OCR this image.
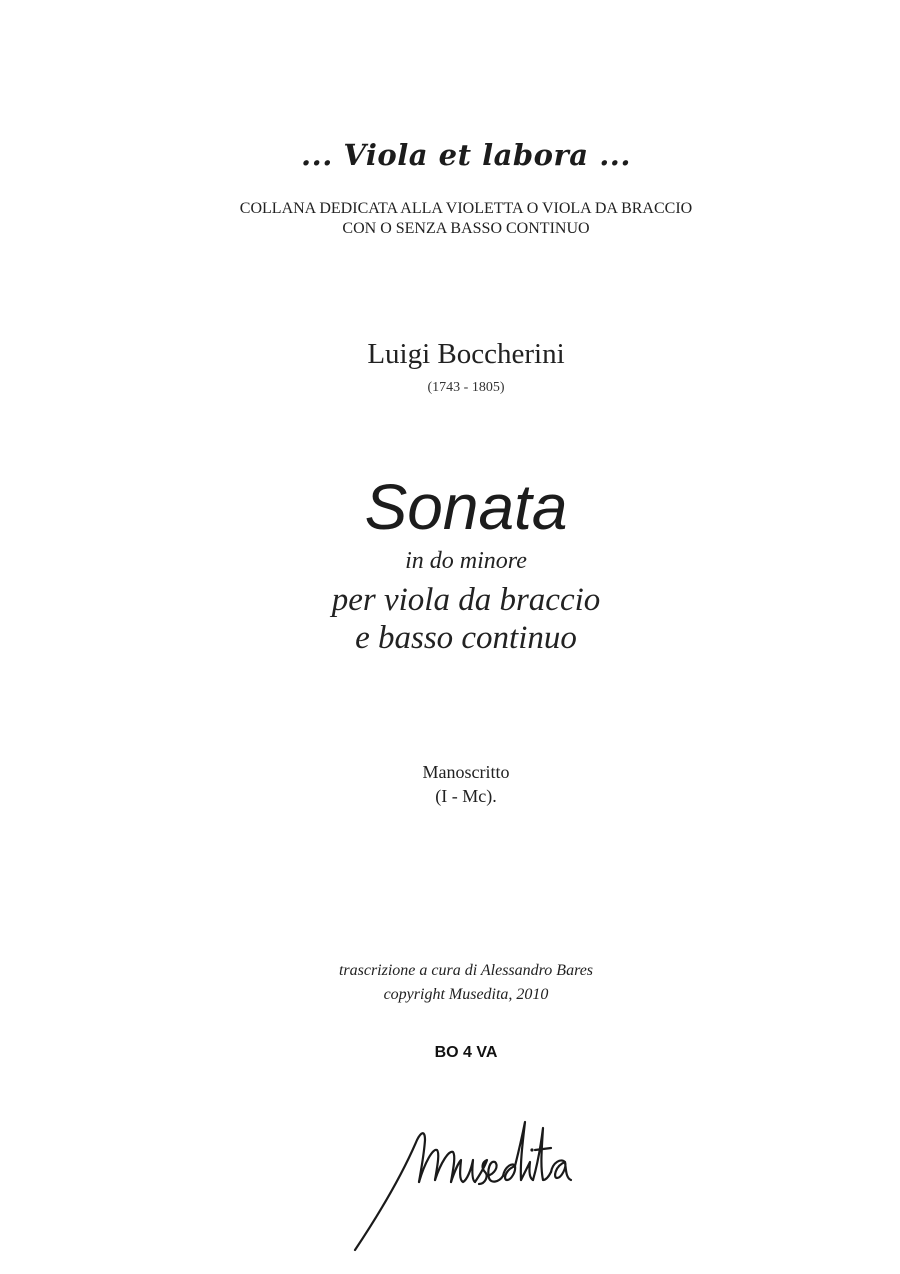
... Viola et labora ...
COLLANA DEDICATA ALLA VIOLETTA O VIOLA DA BRACCIO
CON O SENZA BASSO CONTINUO
Luigi Boccherini
(1743 - 1805)
Sonata
in do minore
per viola da braccio
e basso continuo
Manoscritto
(I - Mc).
trascrizione a cura di Alessandro Bares
copyright Musedita, 2010
BO 4 VA
